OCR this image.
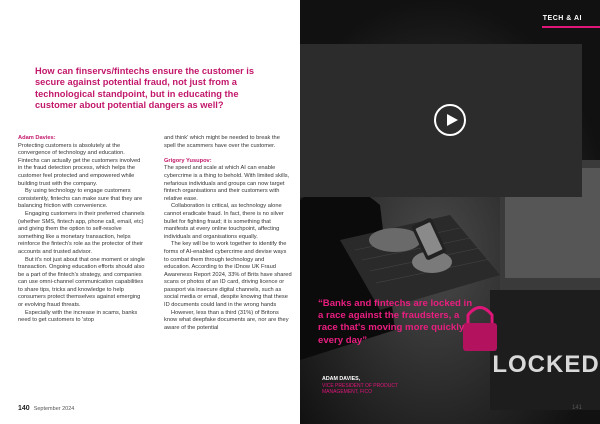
How can finservs/fintechs ensure the customer is secure against potential fraud, not just from a technological standpoint, but in educating the customer about potential dangers as well?

Adam Davies:

Protecting customers is absolutely at the convergence of technology and education. Fintechs can actually get the customers involved in the fraud detection process, which helps the customer feel protected and empowered while building trust with the company.

By using technology to engage customers consistently, fintechs can make sure that they are balancing friction with convenience.

Engaging customers in their preferred channels (whether SMS, fintech app, phone call, email, etc) and giving them the option to self-resolve something like a monetary transaction, helps reinforce the fintech's role as the protector of their accounts and trusted advisor.

But it's not just about that one moment or single transaction. Ongoing education efforts should also be a part of the fintech's strategy, and companies can use omni-channel communication capabilities to share tips, tricks and knowledge to help consumers protect themselves against emerging or evolving fraud threats.

Especially with the increase in scams, banks need to get customers to 'stop

and think' which might be needed to break the spell the scammers have over the customer.

Grigory Yusupov:

The speed and scale at which AI can enable cybercrime is a thing to behold. With limited skills, nefarious individuals and groups can now target fintech organisations and their customers with relative ease.

Collaboration is critical, as technology alone cannot eradicate fraud. In fact, there is no silver bullet for fighting fraud; it is something that manifests at every online touchpoint, affecting individuals and organisations equally.

The key will be to work together to identify the forms of AI-enabled cybercrime and devise ways to combat them through technology and education. According to the iDnow UK Fraud Awareness Report 2024, 33% of Brits have shared scans or photos of an ID card, driving licence or passport via insecure digital channels, such as social media or email, despite knowing that these ID documents could land in the wrong hands

However, less than a third (31%) of Britons know what deepfake documents are, nor are they aware of the potential

140 September 2024
LOCKED
TECH & AI
“Banks and fintechs are locked in a race against the fraudsters, a race that's moving more quickly every day”
ADAM DAVIES,
VICE PRESIDENT OF PRODUCT MANAGEMENT, FICO
141
